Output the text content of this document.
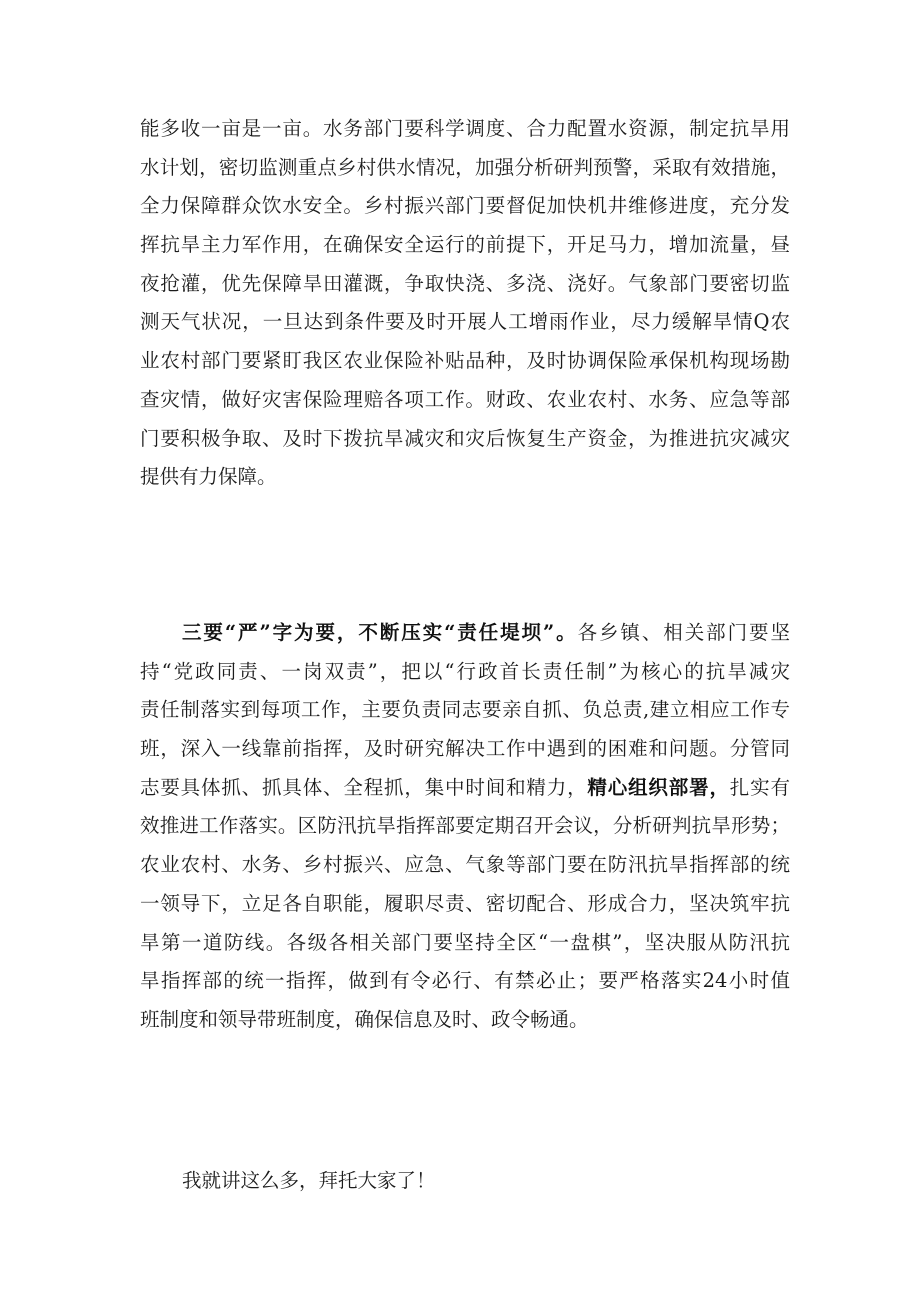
能多收一亩是一亩。水务部门要科学调度、合力配置水资源，制定抗旱用
水计划，密切监测重点乡村供水情况，加强分析研判预警，采取有效措施，
全力保障群众饮水安全。乡村振兴部门要督促加快机井维修进度，充分发
挥抗旱主力军作用，在确保安全运行的前提下，开足马力，增加流量，昼
夜抢灌，优先保障旱田灌溉，争取快浇、多浇、浇好。气象部门要密切监
测天气状况，一旦达到条件要及时开展人工增雨作业，尽力缓解旱情Q农
业农村部门要紧盯我区农业保险补贴品种，及时协调保险承保机构现场勘
查灾情，做好灾害保险理赔各项工作。财政、农业农村、水务、应急等部
门要积极争取、及时下拨抗旱减灾和灾后恢复生产资金，为推进抗灾减灾
提供有力保障。
三要“严”字为要，不断压实“责任堤坝”。各乡镇、相关部门要坚
持“党政同责、一岗双责”，把以“行政首长责任制”为核心的抗旱减灾
责任制落实到每项工作，主要负责同志要亲自抓、负总责,建立相应工作专
班，深入一线靠前指挥，及时研究解决工作中遇到的困难和问题。分管同
志要具体抓、抓具体、全程抓，集中时间和精力，精心组织部署，扎实有
效推进工作落实。区防汛抗旱指挥部要定期召开会议，分析研判抗旱形势；
农业农村、水务、乡村振兴、应急、气象等部门要在防汛抗旱指挥部的统
一领导下，立足各自职能，履职尽责、密切配合、形成合力，坚决筑牢抗
旱第一道防线。各级各相关部门要坚持全区“一盘棋”，坚决服从防汛抗
旱指挥部的统一指挥，做到有令必行、有禁必止；要严格落实24小时值
班制度和领导带班制度，确保信息及时、政令畅通。
我就讲这么多，拜托大家了！
